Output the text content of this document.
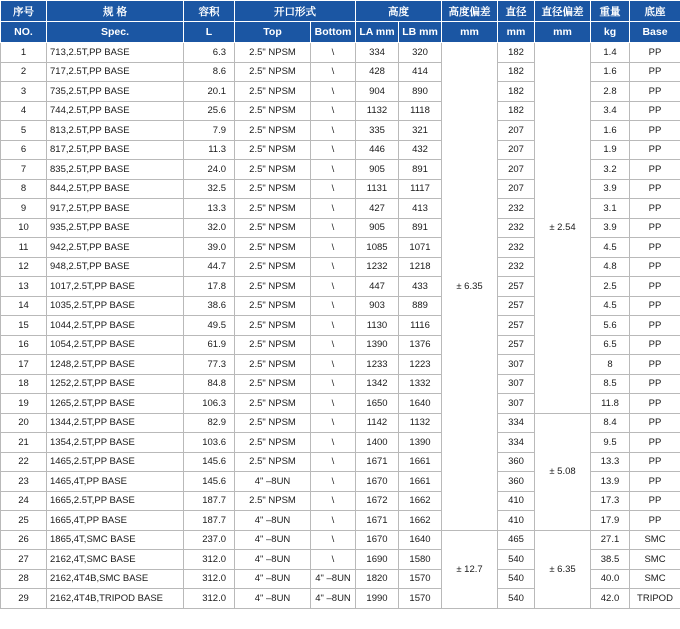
序号	规 格	容积	开口形式		高度		高度偏差	直径	直径偏差	重量	底座
NO.	Spec.	L	Top	Bottom	LA mm	LB mm	mm	mm	mm	kg	Base
1	713,2.5T,PP BASE	6.3	2.5" NPSM	\	334	320	± 6.35	182	± 2.54	1.4	PP
2	717,2.5T,PP BASE	8.6	2.5" NPSM	\	428	414		182		1.6	PP
3	735,2.5T,PP BASE	20.1	2.5" NPSM	\	904	890		182		2.8	PP
4	744,2.5T,PP BASE	25.6	2.5" NPSM	\	1132	1118		182		3.4	PP
5	813,2.5T,PP BASE	7.9	2.5" NPSM	\	335	321		207		1.6	PP
6	817,2.5T,PP BASE	11.3	2.5" NPSM	\	446	432		207		1.9	PP
7	835,2.5T,PP BASE	24.0	2.5" NPSM	\	905	891		207		3.2	PP
8	844,2.5T,PP BASE	32.5	2.5" NPSM	\	1131	1117		207		3.9	PP
9	917,2.5T,PP BASE	13.3	2.5" NPSM	\	427	413		232		3.1	PP
10	935,2.5T,PP BASE	32.0	2.5" NPSM	\	905	891		232		3.9	PP
11	942,2.5T,PP BASE	39.0	2.5" NPSM	\	1085	1071		232		4.5	PP
12	948,2.5T,PP BASE	44.7	2.5" NPSM	\	1232	1218		232		4.8	PP
13	1017,2.5T,PP BASE	17.8	2.5" NPSM	\	447	433		257		2.5	PP
14	1035,2.5T,PP BASE	38.6	2.5" NPSM	\	903	889		257		4.5	PP
15	1044,2.5T,PP BASE	49.5	2.5" NPSM	\	1130	1116		257		5.6	PP
16	1054,2.5T,PP BASE	61.9	2.5" NPSM	\	1390	1376		257		6.5	PP
17	1248,2.5T,PP BASE	77.3	2.5" NPSM	\	1233	1223		307		8	PP
18	1252,2.5T,PP BASE	84.8	2.5" NPSM	\	1342	1332		307		8.5	PP
19	1265,2.5T,PP BASE	106.3	2.5" NPSM	\	1650	1640		307		11.8	PP
20	1344,2.5T,PP BASE	82.9	2.5" NPSM	\	1142	1132		334	± 5.08	8.4	PP
21	1354,2.5T,PP BASE	103.6	2.5" NPSM	\	1400	1390		334		9.5	PP
22	1465,2.5T,PP BASE	145.6	2.5" NPSM	\	1671	1661		360		13.3	PP
23	1465,4T,PP BASE	145.6	4" –8UN	\	1670	1661		360		13.9	PP
24	1665,2.5T,PP BASE	187.7	2.5" NPSM	\	1672	1662		410		17.3	PP
25	1665,4T,PP BASE	187.7	4" –8UN	\	1671	1662		410		17.9	PP
26	1865,4T,SMC BASE	237.0	4" –8UN	\	1670	1640	± 12.7	465	± 6.35	27.1	SMC
27	2162,4T,SMC BASE	312.0	4" –8UN	\	1690	1580		540		38.5	SMC
28	2162,4T4B,SMC BASE	312.0	4" –8UN	4" –8UN	1820	1570		540		40.0	SMC
29	2162,4T4B,TRIPOD BASE	312.0	4" –8UN	4" –8UN	1990	1570		540		42.0	TRIPOD
